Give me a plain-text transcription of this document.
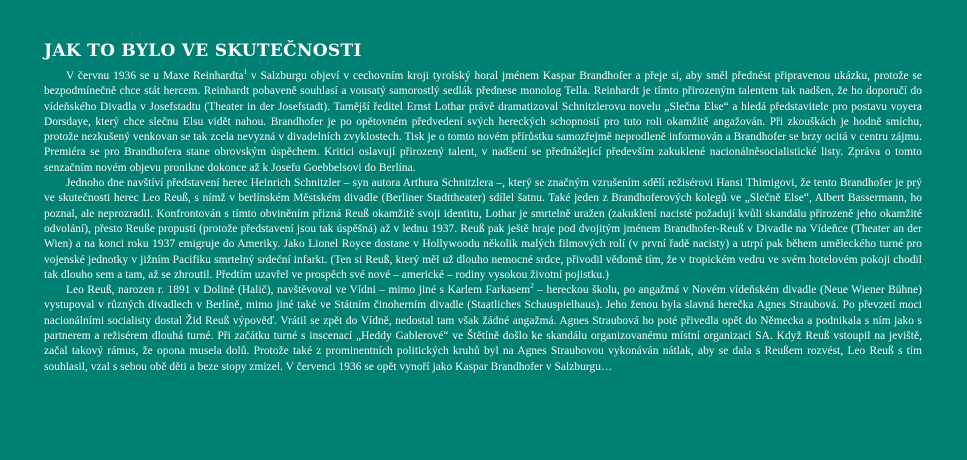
JAK TO BYLO VE SKUTEČNOSTI

V červnu 1936 se u Maxe Reinhardta$^1$ v Salzburgu objeví v cechovním kroji tyrolský horal jménem Kaspar Brandhofer a přeje si, aby směl přednést připravenou ukázku, protože se bezpodmínečně chce stát hercem. Reinhardt pobaveně souhlasí a vousatý samorostlý sedlák přednese monolog Tella. Reinhardt je tímto přirozeným talentem tak nadšen, že ho doporučí do vídeňského Divadla v Josefstadtu (Theater in der Josefstadt). Tamější ředitel Ernst Lothar právě dramatizoval Schnitzlerovu novelu „Slečna Else“ a hledá představitele pro postavu voyera Dorsdaye, který chce slečnu Elsu vidět nahou. Brandhofer je po opětovném předvedení svých hereckých schopností pro tuto roli okamžitě angažován. Při zkouškách je hodně smíchu, protože nezkušený venkovan se tak zcela nevyzná v divadelních zvyklostech. Tisk je o tomto novém přírůstku samozřejmě neprodleně informován a Brandhofer se brzy ocitá v centru zájmu. Premiéra se pro Brandhofera stane obrovským úspěchem. Kritici oslavují přirozený talent, v nadšení se přednášející především zakuklené nacionálněsocialistické listy. Zpráva o tomto senzačním novém objevu pronikne dokonce až k Josefu Goebbelsovi do Berlína.

Jednoho dne navštíví představení herec Heinrich Schnitzler – syn autora Arthura Schnitzlera –, který se značným vzrušením sdělí režisérovi Hansi Thimigovi, že tento Brandhofer je prý ve skutečnosti herec Leo Reuß, s nímž v berlínském Městském divadle (Berliner Stadttheater) sdílel šatnu. Také jeden z Brandhoferových kolegů ve „Slečně Else“, Albert Bassermann, ho poznal, ale neprozradil. Konfrontován s tímto obviněním přizná Reuß okamžitě svoji identitu, Lothar je smrtelně uražen (zakuklení nacisté požadují kvůli skandálu přirozeně jeho okamžité odvolání), přesto Reuße propustí (protože představení jsou tak úspěšná) až v lednu 1937. Reuß pak ještě hraje pod dvojitým jménem Brandhofer-Reuß v Divadle na Vídeňce (Theater an der Wien) a na konci roku 1937 emigruje do Ameriky. Jako Lionel Royce dostane v Hollywoodu několik malých filmových rolí (v první řadě nacisty) a utrpí pak během uměleckého turné pro vojenské jednotky v jižním Pacifiku smrtelný srdeční infarkt. (Ten si Reuß, který měl už dlouho nemocné srdce, přivodil vědomě tím, že v tropickém vedru ve svém hotelovém pokoji chodil tak dlouho sem a tam, až se zhroutil. Předtím uzavřel ve prospěch své nové – americké – rodiny vysokou životní pojistku.)

Leo Reuß, narozen r. 1891 v Dolině (Halič), navštěvoval ve Vídni – mimo jiné s Karlem Farkasem$^2$ – hereckou školu, po angažmá v Novém vídeňském divadle (Neue Wiener Bühne) vystupoval v různých divadlech v Berlíně, mimo jiné také ve Státním činoherním divadle (Staatliches Schauspielhaus). Jeho ženou byla slavná herečka Agnes Straubová. Po převzetí moci nacionálními socialisty dostal Žid Reuß výpověď. Vrátil se zpět do Vídně, nedostal tam však žádné angažmá. Agnes Straubová ho poté přivedla opět do Německa a podnikala s ním jako s partnerem a režisérem dlouhá turné. Při začátku turné s inscenací „Heddy Gablerové“ ve Štětíně došlo ke skandálu organizovanému místní organizací SA. Když Reuß vstoupil na jeviště, začal takový rámus, že opona musela dolů. Protože také z prominentních politických kruhů byl na Agnes Straubovou vykonáván nátlak, aby se dala s Reußem rozvést, Leo Reuß s tím souhlasil, vzal s sebou obě děti a beze stopy zmizel. V červenci 1936 se opět vynoří jako Kaspar Brandhofer v Salzburgu…
